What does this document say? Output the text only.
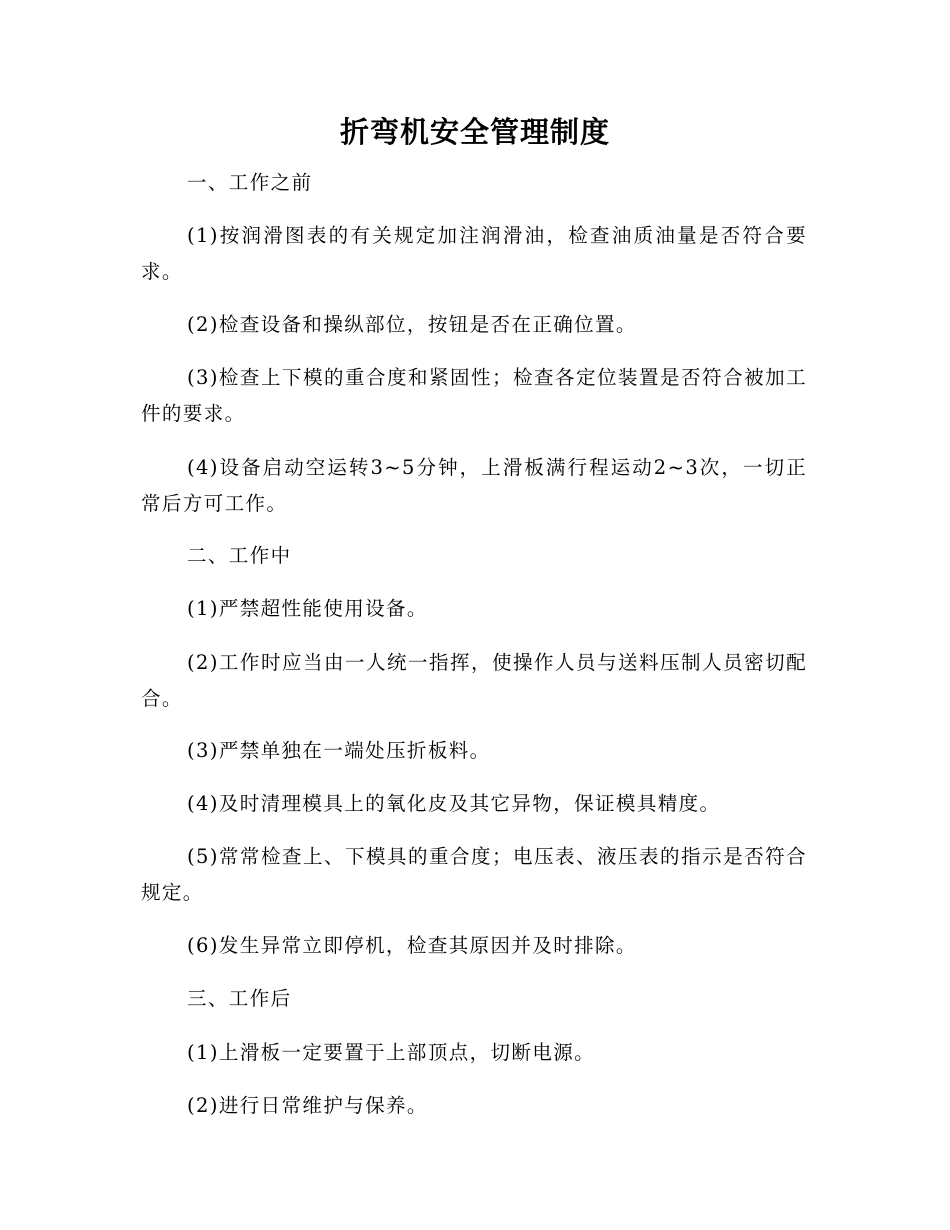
折弯机安全管理制度

一、工作之前

(1)按润滑图表的有关规定加注润滑油，检查油质油量是否符合要求。

(2)检查设备和操纵部位，按钮是否在正确位置。

(3)检查上下模的重合度和紧固性；检查各定位装置是否符合被加工件的要求。

(4)设备启动空运转3~5分钟，上滑板满行程运动2~3次，一切正常后方可工作。

二、工作中

(1)严禁超性能使用设备。

(2)工作时应当由一人统一指挥，使操作人员与送料压制人员密切配合。

(3)严禁单独在一端处压折板料。

(4)及时清理模具上的氧化皮及其它异物，保证模具精度。

(5)常常检查上、下模具的重合度；电压表、液压表的指示是否符合规定。

(6)发生异常立即停机，检查其原因并及时排除。

三、工作后

(1)上滑板一定要置于上部顶点，切断电源。

(2)进行日常维护与保养。
